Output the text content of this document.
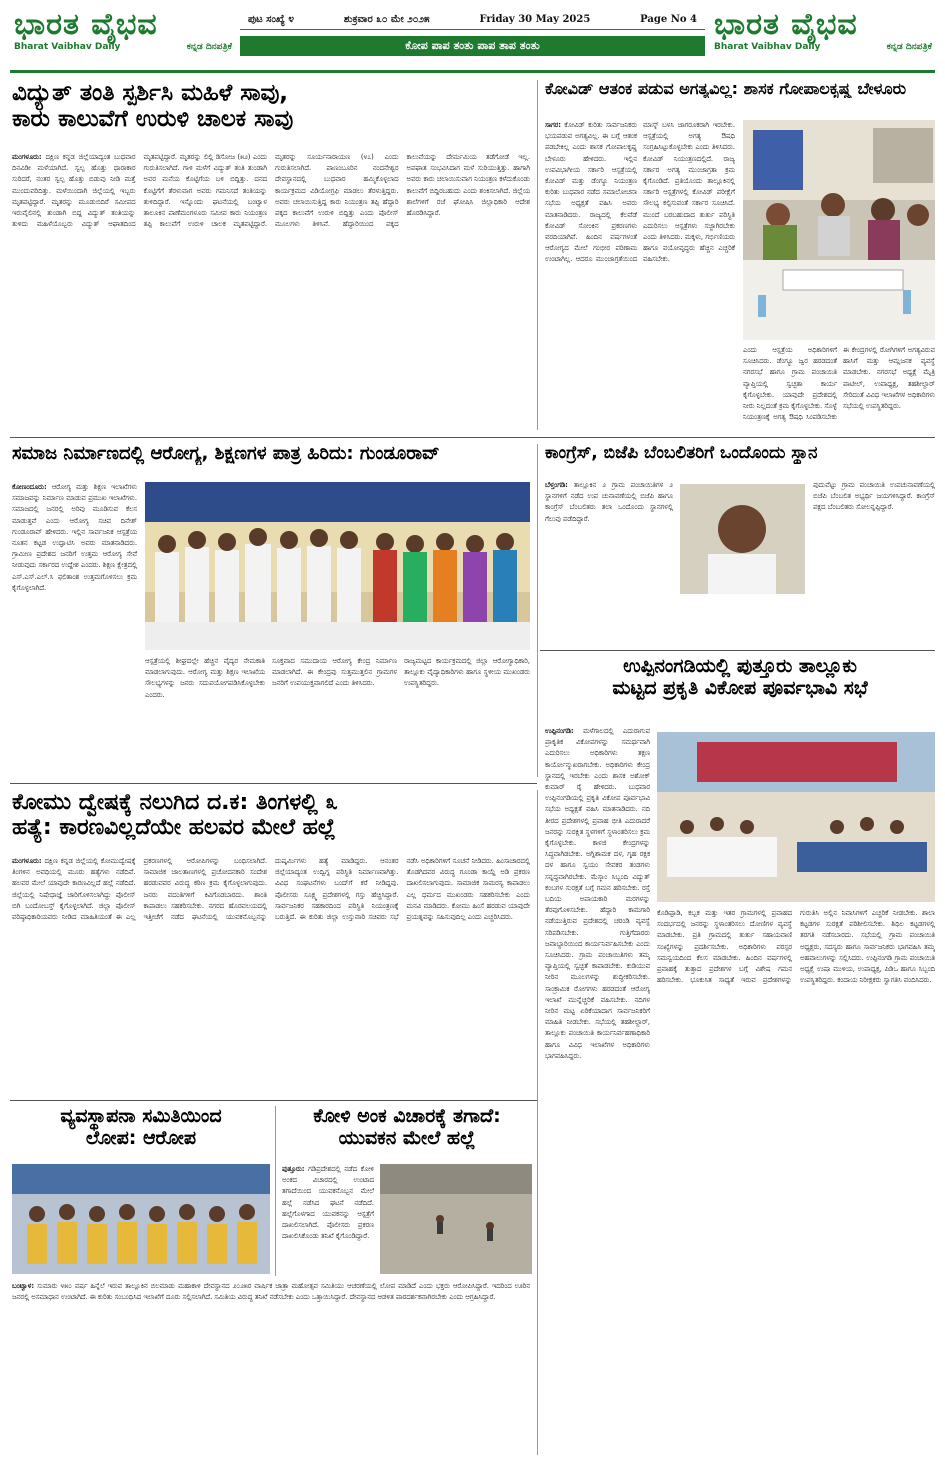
ಭಾರತ ವೈಭವ
Bharat Vaibhav Daily	ಕನ್ನಡ ದಿನಪತ್ರಿಕೆ
ಪುಟ ಸಂಖ್ಯೆ ೪	ಶುಕ್ರವಾರ ೩೦ ಮೇ ೨೦೨೫	Friday 30 May 2025	Page No 4
ಕೋಪ ಪಾಪ ತಂತು ಪಾಪ ತಾಪ ತಂತು
ಭಾರತ ವೈಭವ
Bharat Vaibhav Daily	ಕನ್ನಡ ದಿನಪತ್ರಿಕೆ
ವಿದ್ಯುತ್ ತಂತಿ ಸ್ಪರ್ಶಿಸಿ ಮಹಿಳೆ ಸಾವು,
ಕಾರು ಕಾಲುವೆಗೆ ಉರುಳಿ ಚಾಲಕ ಸಾವು
ಮಂಗಳೂರು: ದಕ್ಷಿಣ ಕನ್ನಡ ಜಿಲ್ಲೆಯಾದ್ಯಂತ ಬುಧವಾರ ದಿನವಿಡೀ ಮಳೆಯಾಗಿದೆ. ಸ್ವಲ್ಪ ಹೊತ್ತು ಧಾರಾಕಾರ ಸುರಿದರೆ, ನಂತರ ಸ್ವಲ್ಪ ಹೊತ್ತು ಬಿಡುವು ನೀಡಿ ಮತ್ತೆ ಮುಂದುವರಿದಿತ್ತು. ಮಳೆಯಿಂದಾಗಿ ಜಿಲ್ಲೆಯಲ್ಲಿ ಇಬ್ಬರು ಮೃತಪಟ್ಟಿದ್ದಾರೆ. ಮೃತರನ್ನು ಮೂಡುಬಿದಿರೆ ಸಮೀಪದ ಇರುವೈಲಿನಲ್ಲಿ ತುಂಡಾಗಿ ಬಿದ್ದ ವಿದ್ಯುತ್ ತಂತಿಯನ್ನು ತುಳಿದು ಮಹಿಳೆಯೊಬ್ಬರು ವಿದ್ಯುತ್ ಆಘಾತದಿಂದ ಮೃತಪಟ್ಟಿದ್ದಾರೆ. ಮೃತರನ್ನು ಲಿಲ್ಲಿ ಡಿಸೋಜ (೫೨) ಎಂದು ಗುರುತಿಸಲಾಗಿದೆ. ಗಾಳಿ ಮಳೆಗೆ ವಿದ್ಯುತ್ ತಂತಿ ತುಂಡಾಗಿ ಅವರ ಮನೆಯ ಕೊಟ್ಟಿಗೆಯ ಬಳಿ ಬಿದ್ದಿತ್ತು. ದನದ ಕೊಟ್ಟಿಗೆಗೆ ತೆರಳುವಾಗ ಅವರು ಗಮನಿಸದೆ ತಂತಿಯನ್ನು ತುಳಿದಿದ್ದಾರೆ. ಇನ್ನೊಂದು ಘಟನೆಯಲ್ಲಿ ಬಂಟ್ವಾಳ ತಾಲೂಕಿನ ಪಾಣೆಮಂಗಳೂರು ಸಮೀಪ ಕಾರು ನಿಯಂತ್ರಣ ತಪ್ಪಿ ಕಾಲುವೆಗೆ ಉರುಳಿ ಚಾಲಕ ಮೃತಪಟ್ಟಿದ್ದಾರೆ. ಮೃತರನ್ನು ಸೂರ್ಯನಾರಾಯಣ (೪೭) ಎಂದು ಗುರುತಿಸಲಾಗಿದೆ. ಪಾಣಂಬೂರಿನ ನಂದನೇಶ್ವರ ದೇವಸ್ಥಾನದಲ್ಲಿ ಬುಧವಾರ ಹಮ್ಮಿಕೊಳ್ಳಲಾದ ಕಾರ್ಯಕ್ರಮದ ವಿಡಿಯೋಗ್ರಫಿ ಮಾಡಲು ತೆರಳುತ್ತಿದ್ದರು. ಅವರು ಚಲಾಯಿಸುತ್ತಿದ್ದ ಕಾರು ನಿಯಂತ್ರಣ ತಪ್ಪಿ ಹೆದ್ದಾರಿ ಪಕ್ಕದ ಕಾಲುವೆಗೆ ಉರುಳಿ ಬಿದ್ದಿತ್ತು ಎಂದು ಪೊಲೀಸ್ ಮೂಲಗಳು ತಿಳಿಸಿವೆ. ಹೆದ್ದಾರಿಯಿಂದ ಪಕ್ಕದ ಕಾಲುವೆಯನ್ನು ದೇರ್ಮಮಿಯ ತಡೆಗೋಡೆ ಇಲ್ಲ. ಅಪಘಾತ ಸಂಭವಿಸಿದಾಗ ಮಳೆ ಸುರಿಯುತ್ತಿತ್ತು. ಹಾಗಾಗಿ ಅವರು ಕಾರು ಚಲಾಯಿಸುವಾಗ ನಿಯಂತ್ರಣ ಕಳೆದುಕೊಂಡು ಕಾಲುವೆಗೆ ಬಿದ್ದಿರಬಹುದು ಎಂದು ಶಂಕಿಸಲಾಗಿದೆ. ಜಿಲ್ಲೆಯ ಶಾಲೆಗಳಿಗೆ ರಜೆ ಘೋಷಿಸಿ ಜಿಲ್ಲಾಧಿಕಾರಿ ಆದೇಶ ಹೊರಡಿಸಿದ್ದಾರೆ.
ಕೋವಿಡ್ ಆತಂಕ ಪಡುವ ಅಗತ್ಯವಿಲ್ಲ: ಶಾಸಕ ಗೋಪಾಲಕೃಷ್ಣ ಬೇಳೂರು
ಸಾಗರ: ಕೋವಿಡ್ ಕುರಿತು ಸಾರ್ವಜನಿಕರು ಭಯಪಡುವ ಅಗತ್ಯವಿಲ್ಲ. ಈ ಬಗ್ಗೆ ಆತಂಕ ಪಡಬೇಕಿಲ್ಲ ಎಂದು ಶಾಸಕ ಗೋಪಾಲಕೃಷ್ಣ ಬೇಳೂರು ಹೇಳಿದರು. ಇಲ್ಲಿನ ಉಪವಿಭಾಗೀಯ ಸರ್ಕಾರಿ ಆಸ್ಪತ್ರೆಯಲ್ಲಿ ಕೋವಿಡ್ ಮತ್ತು ಡೆಂಗ್ಯೂ ನಿಯಂತ್ರಣ ಕುರಿತು ಬುಧವಾರ ನಡೆದ ಸಮಾಲೋಚನಾ ಸಭೆಯ ಅಧ್ಯಕ್ಷತೆ ವಹಿಸಿ ಅವರು ಮಾತನಾಡಿದರು. ರಾಜ್ಯದಲ್ಲಿ ಕೆಲವೆಡೆ ಕೋವಿಡ್ ಸೋಂಕಿನ ಪ್ರಕರಣಗಳು ವರದಿಯಾಗಿವೆ. ಹಿಂದಿನ ವರ್ಷಗಳಂತೆ ಆರೋಗ್ಯದ ಮೇಲೆ ಗಂಭೀರ ಪರಿಣಾಮ ಉಂಟಾಗಿಲ್ಲ. ಆದರೂ ಮುಂಜಾಗ್ರತೆಯಿಂದ ಮಾಸ್ಕ್ ಬಳಸಿ ಜಾಗರೂಕರಾಗಿ ಇರಬೇಕು. ಆಸ್ಪತ್ರೆಯಲ್ಲಿ ಅಗತ್ಯ ಔಷಧಿ ಸಂಗ್ರಹಿಸಿಟ್ಟುಕೊಳ್ಳಬೇಕು ಎಂದು ತಿಳಿಸಿದರು. ಕೋವಿಡ್ ನಿಯಂತ್ರಣದಲ್ಲಿದೆ. ರಾಜ್ಯ ಸರ್ಕಾರ ಅಗತ್ಯ ಮುಂಜಾಗ್ರತಾ ಕ್ರಮ ಕೈಗೊಂಡಿದೆ. ಪ್ರತಿಯೊಂದು ತಾಲ್ಲೂಕಿನಲ್ಲಿ ಸರ್ಕಾರಿ ಆಸ್ಪತ್ರೆಗಳಲ್ಲಿ ಕೋವಿಡ್ ಪರೀಕ್ಷೆಗೆ ಸೌಲಭ್ಯ ಕಲ್ಪಿಸುವಂತೆ ಸರ್ಕಾರ ಸೂಚಿಸಿದೆ. ಮುಂದೆ ಬರಬಹುದಾದ ತುರ್ತು ಪರಿಸ್ಥಿತಿ ಎದುರಿಸಲು ಆಸ್ಪತ್ರೆಗಳು ಸಜ್ಜಾಗಿರಬೇಕು ಎಂದು ತಿಳಿಸಿದರು. ಮಕ್ಕಳು, ಗರ್ಭಿಣಿಯರು ಹಾಗೂ ವಯೋವೃದ್ಧರು ಹೆಚ್ಚಿನ ಎಚ್ಚರಿಕೆ ವಹಿಸಬೇಕು.
ಎಂದು ಆಸ್ಪತ್ರೆಯ ಅಧಿಕಾರಿಗಳಿಗೆ ಸೂಚಿಸಿದರು. ಡೆಂಗ್ಯೂ ಜ್ವರ ಹರಡದಂತೆ ನಗರಸಭೆ ಹಾಗೂ ಗ್ರಾಮ ಪಂಚಾಯಿತಿ ವ್ಯಾಪ್ತಿಯಲ್ಲಿ ಸ್ವಚ್ಛತಾ ಕಾರ್ಯ ಕೈಗೊಳ್ಳಬೇಕು. ಯಾವುದೇ ಪ್ರದೇಶದಲ್ಲಿ ನೀರು ನಿಲ್ಲದಂತೆ ಕ್ರಮ ಕೈಗೊಳ್ಳಬೇಕು. ಸೊಳ್ಳೆ ನಿಯಂತ್ರಣಕ್ಕೆ ಅಗತ್ಯ ಔಷಧಿ ಸಿಂಪಡಿಸಬೇಕು
ಈ ಕೇಂದ್ರಗಳಲ್ಲಿ ರೋಗಿಗಳಿಗೆ ಅಗತ್ಯವಿರುವ ಹಾಸಿಗೆ ಮತ್ತು ಆಮ್ಲಜನಕ ವ್ಯವಸ್ಥೆ ಮಾಡಬೇಕು. ನಗರಸಭೆ ಅಧ್ಯಕ್ಷೆ ಮೈತ್ರಿ ಪಾಟೀಲ್, ಉಪಾಧ್ಯಕ್ಷ, ತಹಶೀಲ್ದಾರ್ ಸೇರಿದಂತೆ ವಿವಿಧ ಇಲಾಖೆಗಳ ಅಧಿಕಾರಿಗಳು ಸಭೆಯಲ್ಲಿ ಉಪಸ್ಥಿತರಿದ್ದರು.
ಸಮಾಜ ನಿರ್ಮಾಣದಲ್ಲಿ ಆರೋಗ್ಯ, ಶಿಕ್ಷಣಗಳ ಪಾತ್ರ ಹಿರಿದು: ಗುಂಡೂರಾವ್
ಕೋಣಂದೂರು: ಆರೋಗ್ಯ ಮತ್ತು ಶಿಕ್ಷಣ ಇಲಾಖೆಗಳು ಸಮಾಜವನ್ನು ನಿರ್ಮಾಣ ಮಾಡುವ ಪ್ರಮುಖ ಇಲಾಖೆಗಳು. ಸಮಾಜದಲ್ಲಿ ಜನರಲ್ಲಿ ಅರಿವು ಮೂಡಿಸುವ ಕೆಲಸ ಮಾಡುತ್ತವೆ ಎಂದು ಆರೋಗ್ಯ ಸಚಿವ ದಿನೇಶ್ ಗುಂಡೂರಾವ್ ಹೇಳಿದರು. ಇಲ್ಲಿನ ಸಾರ್ವಜನಿಕ ಆಸ್ಪತ್ರೆಯ ನೂತನ ಕಟ್ಟಡ ಉದ್ಘಾಟಿಸಿ ಅವರು ಮಾತನಾಡಿದರು. ಗ್ರಾಮೀಣ ಪ್ರದೇಶದ ಜನರಿಗೆ ಉತ್ತಮ ಆರೋಗ್ಯ ಸೇವೆ ನೀಡುವುದು ಸರ್ಕಾರದ ಉದ್ದೇಶ ಎಂದರು. ಶಿಕ್ಷಣ ಕ್ಷೇತ್ರದಲ್ಲಿ ಎಸ್.ಎಸ್.ಎಲ್.ಸಿ ಫಲಿತಾಂಶ ಉತ್ತಮಗೊಳಿಸಲು ಕ್ರಮ ಕೈಗೊಳ್ಳಲಾಗಿದೆ.
ಆಸ್ಪತ್ರೆಯಲ್ಲಿ ಶೀಘ್ರದಲ್ಲೇ ಹೆಚ್ಚಿನ ವೈದ್ಯರ ನೇಮಕಾತಿ ಮಾಡಲಾಗುವುದು. ಆರೋಗ್ಯ ಮತ್ತು ಶಿಕ್ಷಣ ಇಲಾಖೆಯ ಸೌಲಭ್ಯಗಳನ್ನು ಜನರು ಸದುಪಯೋಗಪಡಿಸಿಕೊಳ್ಳಬೇಕು ಎಂದರು.
ಸೂಕ್ತವಾದ ಸಮುದಾಯ ಆರೋಗ್ಯ ಕೇಂದ್ರ ನಿರ್ಮಾಣ ಮಾಡಲಾಗಿದೆ. ಈ ಕೇಂದ್ರವು ಸುತ್ತಮುತ್ತಲಿನ ಗ್ರಾಮಗಳ ಜನರಿಗೆ ಉಪಯುಕ್ತವಾಗಲಿದೆ ಎಂದು ತಿಳಿಸಿದರು.
ರಾಜ್ಯಮಟ್ಟದ ಕಾರ್ಯಕ್ರಮದಲ್ಲಿ ಜಿಲ್ಲಾ ಆರೋಗ್ಯಾಧಿಕಾರಿ, ತಾಲ್ಲೂಕು ವೈದ್ಯಾಧಿಕಾರಿಗಳು ಹಾಗೂ ಸ್ಥಳೀಯ ಮುಖಂಡರು ಉಪಸ್ಥಿತರಿದ್ದರು.
ಕಾಂಗ್ರೆಸ್, ಬಿಜೆಪಿ ಬೆಂಬಲಿತರಿಗೆ ಒಂದೊಂದು ಸ್ಥಾನ
ಬೆಳ್ತಂಗಡಿ: ತಾಲ್ಲೂಕಿನ ೨ ಗ್ರಾಮ ಪಂಚಾಯಿತಿಗಳ ೨ ಸ್ಥಾನಗಳಿಗೆ ನಡೆದ ಉಪ ಚುನಾವಣೆಯಲ್ಲಿ ಬಿಜೆಪಿ ಹಾಗೂ ಕಾಂಗ್ರೆಸ್ ಬೆಂಬಲಿತರು ತಲಾ ಒಂದೊಂದು ಸ್ಥಾನಗಳಲ್ಲಿ ಗೆಲುವು ಪಡೆದಿದ್ದಾರೆ.
ಪುದುವೆಟ್ಟು ಗ್ರಾಮ ಪಂಚಾಯಿತಿ ಉಪಚುನಾವಣೆಯಲ್ಲಿ ಬಿಜೆಪಿ ಬೆಂಬಲಿತ ಅಭ್ಯರ್ಥಿ ಜಯಗಳಿಸಿದ್ದಾರೆ. ಕಾಂಗ್ರೆಸ್ ಪಕ್ಷದ ಬೆಂಬಲಿತರು ಸೋಲನ್ನಪ್ಪಿದ್ದಾರೆ.
ಉಪ್ಪಿನಂಗಡಿಯಲ್ಲಿ ಪುತ್ತೂರು ತಾಲ್ಲೂಕು
ಮಟ್ಟದ ಪ್ರಕೃತಿ ವಿಕೋಪ ಪೂರ್ವಭಾವಿ ಸಭೆ
ಉಪ್ಪಿನಂಗಡಿ: ಮಳೆಗಾಲದಲ್ಲಿ ಎದುರಾಗುವ ಪ್ರಾಕೃತಿಕ ವಿಕೋಪಗಳನ್ನು ಸಮರ್ಥವಾಗಿ ಎದುರಿಸಲು ಅಧಿಕಾರಿಗಳು ತಕ್ಷಣ ಕಾರ್ಯೋನ್ಮುಖರಾಗಬೇಕು. ಅಧಿಕಾರಿಗಳು ಕೇಂದ್ರ ಸ್ಥಾನದಲ್ಲಿ ಇರಬೇಕು ಎಂದು ಶಾಸಕ ಅಶೋಕ್ ಕುಮಾರ್ ರೈ ಹೇಳಿದರು. ಬುಧವಾರ ಉಪ್ಪಿನಂಗಡಿಯಲ್ಲಿ ಪ್ರಕೃತಿ ವಿಕೋಪ ಪೂರ್ವಭಾವಿ ಸಭೆಯ ಅಧ್ಯಕ್ಷತೆ ವಹಿಸಿ ಮಾತನಾಡಿದರು. ನದಿ ತೀರದ ಪ್ರದೇಶಗಳಲ್ಲಿ ಪ್ರವಾಹ ಭೀತಿ ಎದುರಾದರೆ ಜನರನ್ನು ಸುರಕ್ಷಿತ ಸ್ಥಳಗಳಿಗೆ ಸ್ಥಳಾಂತರಿಸಲು ಕ್ರಮ ಕೈಗೊಳ್ಳಬೇಕು. ಕಾಳಜಿ ಕೇಂದ್ರಗಳನ್ನು ಸಿದ್ಧವಾಗಿಡಬೇಕು. ಅಗ್ನಿಶಾಮಕ ದಳ, ಗೃಹ ರಕ್ಷಕ ದಳ ಹಾಗೂ ಸ್ವಯಂ ಸೇವಕರ ತಂಡಗಳು ಸನ್ನದ್ಧವಾಗಿರಬೇಕು. ಮೆಸ್ಕಾಂ ಸಿಬ್ಬಂದಿ ವಿದ್ಯುತ್ ಕಂಬಗಳ ಸುರಕ್ಷತೆ ಬಗ್ಗೆ ಗಮನ ಹರಿಸಬೇಕು. ರಸ್ತೆ ಬದಿಯ ಅಪಾಯಕಾರಿ ಮರಗಳನ್ನು ತೆರವುಗೊಳಿಸಬೇಕು. ಹೆದ್ದಾರಿ ಕಾಮಗಾರಿ ನಡೆಯುತ್ತಿರುವ ಪ್ರದೇಶದಲ್ಲಿ ಚರಂಡಿ ವ್ಯವಸ್ಥೆ ಸರಿಪಡಿಸಬೇಕು. ಗುತ್ತಿಗೆದಾರರು ಜವಾಬ್ದಾರಿಯಿಂದ ಕಾರ್ಯನಿರ್ವಹಿಸಬೇಕು ಎಂದು ಸೂಚಿಸಿದರು. ಗ್ರಾಮ ಪಂಚಾಯಿತಿಗಳು ತಮ್ಮ ವ್ಯಾಪ್ತಿಯಲ್ಲಿ ಸ್ವಚ್ಛತೆ ಕಾಪಾಡಬೇಕು. ಕುಡಿಯುವ ನೀರಿನ ಮೂಲಗಳನ್ನು ಶುದ್ಧೀಕರಿಸಬೇಕು. ಸಾಂಕ್ರಾಮಿಕ ರೋಗಗಳು ಹರಡದಂತೆ ಆರೋಗ್ಯ ಇಲಾಖೆ ಮುನ್ನೆಚ್ಚರಿಕೆ ವಹಿಸಬೇಕು. ನದಿಗಳ ನೀರಿನ ಮಟ್ಟ ಏರಿಕೆಯಾದಾಗ ಸಾರ್ವಜನಿಕರಿಗೆ ಮಾಹಿತಿ ನೀಡಬೇಕು. ಸಭೆಯಲ್ಲಿ ತಹಶೀಲ್ದಾರ್, ತಾಲ್ಲೂಕು ಪಂಚಾಯಿತಿ ಕಾರ್ಯನಿರ್ವಹಣಾಧಿಕಾರಿ ಹಾಗೂ ವಿವಿಧ ಇಲಾಖೆಗಳ ಅಧಿಕಾರಿಗಳು ಭಾಗವಹಿಸಿದ್ದರು.
ಕೊಡಿಪ್ಪಾಡಿ, ಕಬ್ಬಕ ಮತ್ತು ಇತರ ಗ್ರಾಮಗಳಲ್ಲಿ ಪ್ರವಾಹದ ಸಂದರ್ಭದಲ್ಲಿ ಜನರನ್ನು ಸ್ಥಳಾಂತರಿಸಲು ದೋಣಿಗಳ ವ್ಯವಸ್ಥೆ ಮಾಡಬೇಕು. ಪ್ರತಿ ಗ್ರಾಮದಲ್ಲಿ ತುರ್ತು ಸಹಾಯವಾಣಿ ಸಂಖ್ಯೆಗಳನ್ನು ಪ್ರದರ್ಶಿಸಬೇಕು. ಅಧಿಕಾರಿಗಳು ಪರಸ್ಪರ ಸಮನ್ವಯದಿಂದ ಕೆಲಸ ಮಾಡಬೇಕು. ಹಿಂದಿನ ವರ್ಷಗಳಲ್ಲಿ ಪ್ರವಾಹಕ್ಕೆ ತುತ್ತಾದ ಪ್ರದೇಶಗಳ ಬಗ್ಗೆ ವಿಶೇಷ ಗಮನ ಹರಿಸಬೇಕು. ಭೂಕುಸಿತ ಸಾಧ್ಯತೆ ಇರುವ ಪ್ರದೇಶಗಳನ್ನು ಗುರುತಿಸಿ ಅಲ್ಲಿನ ನಿವಾಸಿಗಳಿಗೆ ಎಚ್ಚರಿಕೆ ನೀಡಬೇಕು. ಶಾಲಾ ಕಟ್ಟಡಗಳ ಸುರಕ್ಷತೆ ಪರಿಶೀಲಿಸಬೇಕು. ಶಿಥಿಲ ಕಟ್ಟಡಗಳಲ್ಲಿ ತರಗತಿ ನಡೆಸಬಾರದು. ಸಭೆಯಲ್ಲಿ ಗ್ರಾಮ ಪಂಚಾಯಿತಿ ಅಧ್ಯಕ್ಷರು, ಸದಸ್ಯರು ಹಾಗೂ ಸಾರ್ವಜನಿಕರು ಭಾಗವಹಿಸಿ ತಮ್ಮ ಅಹವಾಲುಗಳನ್ನು ಸಲ್ಲಿಸಿದರು. ಉಪ್ಪಿನಂಗಡಿ ಗ್ರಾಮ ಪಂಚಾಯಿತಿ ಅಧ್ಯಕ್ಷೆ ಉಷಾ ಮುಳಿಯ, ಉಪಾಧ್ಯಕ್ಷ, ಪಿಡಿಒ ಹಾಗೂ ಸಿಬ್ಬಂದಿ ಉಪಸ್ಥಿತರಿದ್ದರು. ಕಂದಾಯ ನಿರೀಕ್ಷಕರು ಸ್ವಾಗತಿಸಿ ವಂದಿಸಿದರು.
ಕೋಮು ದ್ವೇಷಕ್ಕೆ ನಲುಗಿದ ದ.ಕ: ತಿಂಗಳಲ್ಲಿ ೩
ಹತ್ಯೆ: ಕಾರಣವಿಲ್ಲದೆಯೇ ಹಲವರ ಮೇಲೆ ಹಲ್ಲೆ
ಮಂಗಳೂರು: ದಕ್ಷಿಣ ಕನ್ನಡ ಜಿಲ್ಲೆಯಲ್ಲಿ ಕೋಮುದ್ವೇಷಕ್ಕೆ ತಿಂಗಳಿನ ಅವಧಿಯಲ್ಲಿ ಮೂರು ಹತ್ಯೆಗಳು ನಡೆದಿವೆ. ಹಲವರ ಮೇಲೆ ಯಾವುದೇ ಕಾರಣವಿಲ್ಲದೆ ಹಲ್ಲೆ ನಡೆದಿದೆ. ಜಿಲ್ಲೆಯಲ್ಲಿ ನಿಷೇಧಾಜ್ಞೆ ಜಾರಿಗೊಳಿಸಲಾಗಿದ್ದು ಪೊಲೀಸ್ ಬಿಗಿ ಬಂದೋಬಸ್ತ್ ಕೈಗೊಳ್ಳಲಾಗಿದೆ. ಜಿಲ್ಲಾ ಪೊಲೀಸ್ ವರಿಷ್ಠಾಧಿಕಾರಿಯವರು ನೀಡಿದ ಮಾಹಿತಿಯಂತೆ ಈ ಎಲ್ಲ ಪ್ರಕರಣಗಳಲ್ಲಿ ಆರೋಪಿಗಳನ್ನು ಬಂಧಿಸಲಾಗಿದೆ. ಸಾಮಾಜಿಕ ಜಾಲತಾಣಗಳಲ್ಲಿ ಪ್ರಚೋದನಕಾರಿ ಸಂದೇಶ ಹರಡುವವರ ವಿರುದ್ಧ ಕಠಿಣ ಕ್ರಮ ಕೈಗೊಳ್ಳಲಾಗುವುದು. ಜನರು ವದಂತಿಗಳಿಗೆ ಕಿವಿಗೊಡಬಾರದು. ಶಾಂತಿ ಕಾಪಾಡಲು ಸಹಕರಿಸಬೇಕು. ನಗರದ ಹೊರವಲಯದಲ್ಲಿ ಇತ್ತೀಚೆಗೆ ನಡೆದ ಘಟನೆಯಲ್ಲಿ ಯುವಕನೊಬ್ಬನನ್ನು ದುಷ್ಕರ್ಮಿಗಳು ಹತ್ಯೆ ಮಾಡಿದ್ದರು. ಆನಂತರ ಜಿಲ್ಲೆಯಾದ್ಯಂತ ಉದ್ವಿಗ್ನ ಪರಿಸ್ಥಿತಿ ನಿರ್ಮಾಣವಾಗಿತ್ತು. ವಿವಿಧ ಸಂಘಟನೆಗಳು ಬಂದ್‌ಗೆ ಕರೆ ನೀಡಿದ್ದವು. ಪೊಲೀಸರು ಸೂಕ್ಷ್ಮ ಪ್ರದೇಶಗಳಲ್ಲಿ ಗಸ್ತು ಹೆಚ್ಚಿಸಿದ್ದಾರೆ. ಸಾರ್ವಜನಿಕರ ಸಹಕಾರದಿಂದ ಪರಿಸ್ಥಿತಿ ನಿಯಂತ್ರಣಕ್ಕೆ ಬರುತ್ತಿದೆ. ಈ ಕುರಿತು ಜಿಲ್ಲಾ ಉಸ್ತುವಾರಿ ಸಚಿವರು ಸಭೆ ನಡೆಸಿ ಅಧಿಕಾರಿಗಳಿಗೆ ಸೂಚನೆ ನೀಡಿದರು. ಹಿಂಸಾಚಾರದಲ್ಲಿ ತೊಡಗಿದವರ ವಿರುದ್ಧ ಗೂಂಡಾ ಕಾಯ್ದೆ ಅಡಿ ಪ್ರಕರಣ ದಾಖಲಿಸಲಾಗುವುದು. ಸಾಮಾಜಿಕ ಸಾಮರಸ್ಯ ಕಾಪಾಡಲು ಎಲ್ಲ ಧರ್ಮದ ಮುಖಂಡರು ಸಹಕರಿಸಬೇಕು ಎಂದು ಮನವಿ ಮಾಡಿದರು. ಕೋಮು ಹಿಂಸೆ ಹರಡುವ ಯಾವುದೇ ಪ್ರಯತ್ನವನ್ನು ಸಹಿಸುವುದಿಲ್ಲ ಎಂದು ಎಚ್ಚರಿಸಿದರು.
ವ್ಯವಸ್ಥಾಪನಾ ಸಮಿತಿಯಿಂದ
ಲೋಪ: ಆರೋಪ
ಬಂಟ್ವಾಳ: ಸುಮಾರು ೪೫೦ ವರ್ಷ ಹಿನ್ನೆಲೆ ಇರುವ ತಾಲ್ಲೂಕಿನ ಬಿಲಮಾಡು ಮಹಾಕಾಳಿ ದೇವಸ್ಥಾನದ ೨೦೨೫ರ ವಾರ್ಷಿಕ ಜಾತ್ರಾ ಮಹೋತ್ಸವ ಸಮಿತಿಯು ಆಚರಣೆಯಲ್ಲಿ ಲೋಪ ಮಾಡಿದೆ ಎಂದು ಭಕ್ತರು ಆರೋಪಿಸಿದ್ದಾರೆ. ಇದರಿಂದ ಊರಿನ ಜನರಲ್ಲಿ ಅಸಮಾಧಾನ ಉಂಟಾಗಿದೆ. ಈ ಕುರಿತು ಸಂಬಂಧಿಸಿದ ಇಲಾಖೆಗೆ ದೂರು ಸಲ್ಲಿಸಲಾಗಿದೆ. ಸಮಿತಿಯ ವಿರುದ್ಧ ತನಿಖೆ ನಡೆಸಬೇಕು ಎಂದು ಒತ್ತಾಯಿಸಿದ್ದಾರೆ. ದೇವಸ್ಥಾನದ ಆಡಳಿತ ಪಾರದರ್ಶಕವಾಗಿರಬೇಕು ಎಂದು ಆಗ್ರಹಿಸಿದ್ದಾರೆ.
ಕೋಳಿ ಅಂಕ ವಿಚಾರಕ್ಕೆ ತಗಾದೆ:
ಯುವಕನ ಮೇಲೆ ಹಲ್ಲೆ
ಪುತ್ತೂರು: ಗಡಿಪ್ರದೇಶದಲ್ಲಿ ನಡೆದ ಕೋಳಿ ಅಂಕದ ವಿಚಾರದಲ್ಲಿ ಉಂಟಾದ ತಗಾದೆಯಿಂದ ಯುವಕನೊಬ್ಬನ ಮೇಲೆ ಹಲ್ಲೆ ನಡೆಸಿದ ಘಟನೆ ನಡೆದಿದೆ. ಹಲ್ಲೆಗೊಳಗಾದ ಯುವಕನನ್ನು ಆಸ್ಪತ್ರೆಗೆ ದಾಖಲಿಸಲಾಗಿದೆ. ಪೊಲೀಸರು ಪ್ರಕರಣ ದಾಖಲಿಸಿಕೊಂಡು ತನಿಖೆ ಕೈಗೊಂಡಿದ್ದಾರೆ.
